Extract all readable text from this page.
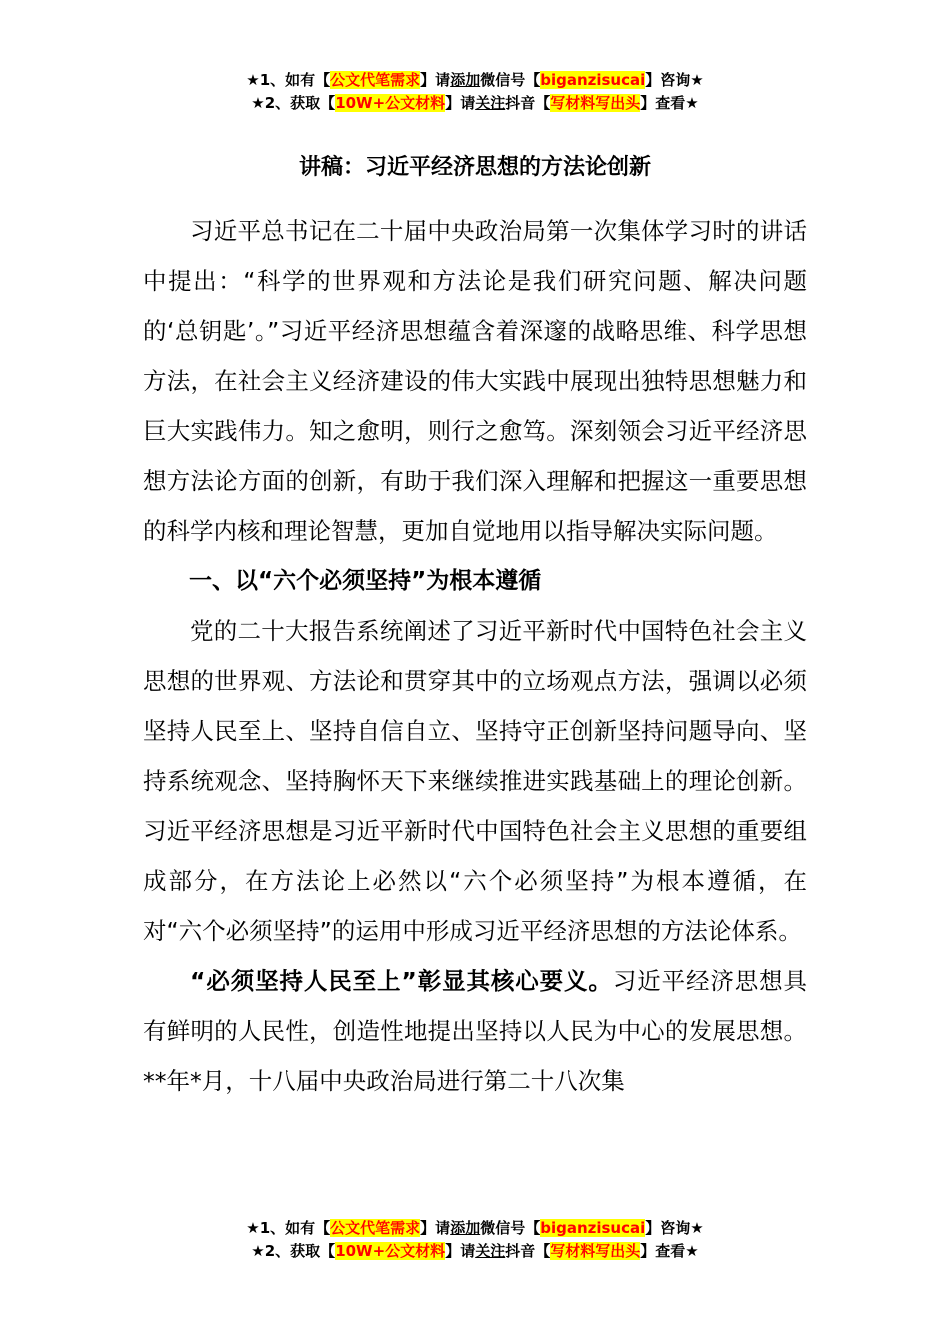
★1、如有【公文代笔需求】请添加微信号【biganzisucai】咨询★
★2、获取【10W+公文材料】请关注抖音【写材料写出头】查看★
讲稿：习近平经济思想的方法论创新

习近平总书记在二十届中央政治局第一次集体学习时的讲话中提出：“科学的世界观和方法论是我们研究问题、解决问题的‘总钥匙’。”习近平经济思想蕴含着深邃的战略思维、科学思想方法，在社会主义经济建设的伟大实践中展现出独特思想魅力和巨大实践伟力。知之愈明，则行之愈笃。深刻领会习近平经济思想方法论方面的创新，有助于我们深入理解和把握这一重要思想的科学内核和理论智慧，更加自觉地用以指导解决实际问题。

一、以“六个必须坚持”为根本遵循

党的二十大报告系统阐述了习近平新时代中国特色社会主义思想的世界观、方法论和贯穿其中的立场观点方法，强调以必须坚持人民至上、坚持自信自立、坚持守正创新坚持问题导向、坚持系统观念、坚持胸怀天下来继续推进实践基础上的理论创新。习近平经济思想是习近平新时代中国特色社会主义思想的重要组成部分，在方法论上必然以“六个必须坚持”为根本遵循，在对“六个必须坚持”的运用中形成习近平经济思想的方法论体系。

“必须坚持人民至上”彰显其核心要义。习近平经济思想具有鲜明的人民性，创造性地提出坚持以人民为中心的发展思想。**年*月，十八届中央政治局进行第二十八次集

★1、如有【公文代笔需求】请添加微信号【biganzisucai】咨询★
★2、获取【10W+公文材料】请关注抖音【写材料写出头】查看★
